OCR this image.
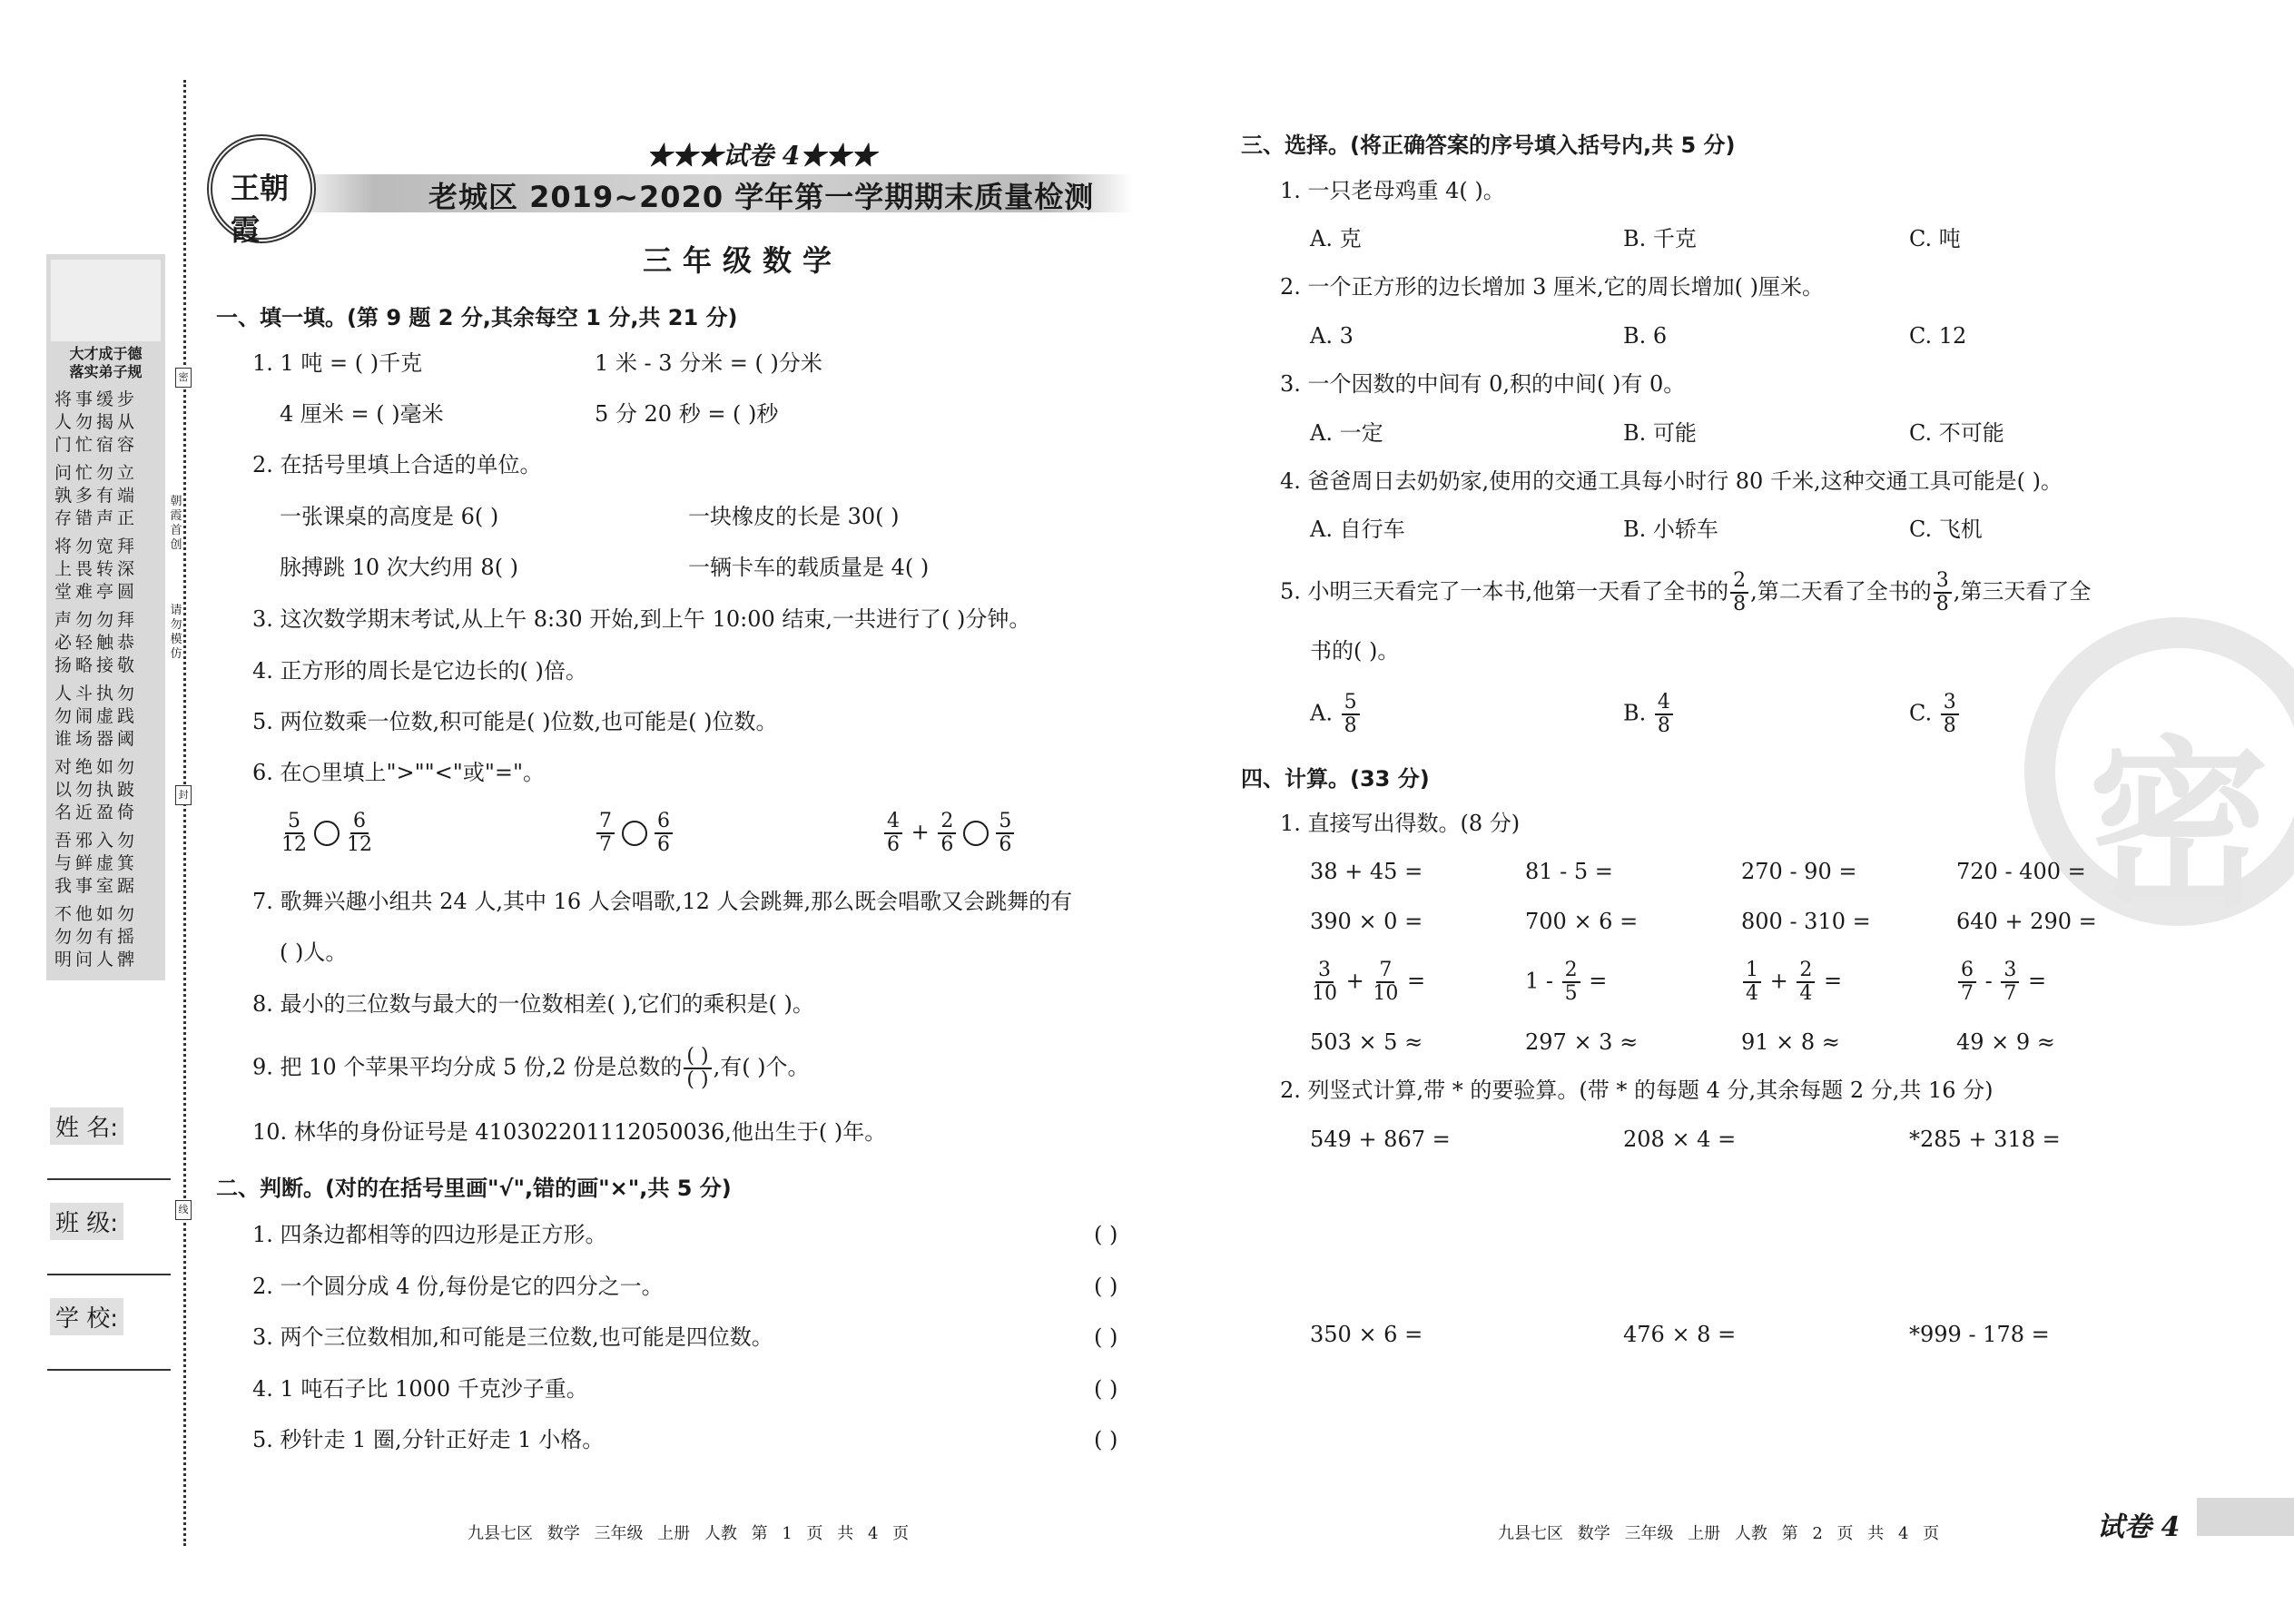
大才成于德
落实弟子规
将事缓步
人勿揭从
门忙宿容
问忙勿立
孰多有端
存错声正
将勿宽拜
上畏转深
堂难亭圆
声勿勿拜
必轻触恭
扬略接敬
人斗执勿
勿闹虚践
谁场器阈
对绝如勿
以勿执跛
名近盈倚
吾邪入勿
与鲜虚箕
我事室踞
不他如勿
勿勿有摇
明问人髀
密
朝
霞
首
创
请
勿
模
仿
封
线
姓 名:
班 级:
学 校:
王朝霞
★★★试卷 4★★★
老城区 2019~2020 学年第一学期期末质量检测
三年级数学
一、填一填。(第 9 题 2 分,其余每空 1 分,共 21 分)
1. 1 吨 = ( )千克	1 米 - 3 分米 = ( )分米
4 厘米 = ( )毫米	5 分 20 秒 = ( )秒
2. 在括号里填上合适的单位。
一张课桌的高度是 6( )	一块橡皮的长是 30( )
脉搏跳 10 次大约用 8( )	一辆卡车的载质量是 4( )
3. 这次数学期末考试,从上午 8:30 开始,到上午 10:00 结束,一共进行了( )分钟。
4. 正方形的周长是它边长的( )倍。
5. 两位数乘一位数,积可能是( )位数,也可能是( )位数。
6. 在○里填上">""<"或"="。
$\frac{5}{12} \frac{6}{12}$	$\frac{7}{7} \frac{6}{6}$	$\frac{4}{6} + \frac{2}{6} \frac{5}{6}$
7. 歌舞兴趣小组共 24 人,其中 16 人会唱歌,12 人会跳舞,那么既会唱歌又会跳舞的有
( )人。
8. 最小的三位数与最大的一位数相差( ),它们的乘积是( )。
9. 把 10 个苹果平均分成 5 份,2 份是总数的 ( )
( ) ,有( )个。
10. 林华的身份证号是 410302201112050036,他出生于( )年。
二、判断。(对的在括号里画"√",错的画"×",共 5 分)
1. 四条边都相等的四边形是正方形。	( )
2. 一个圆分成 4 份,每份是它的四分之一。	( )
3. 两个三位数相加,和可能是三位数,也可能是四位数。	( )
4. 1 吨石子比 1000 千克沙子重。	( )
5. 秒针走 1 圈,分针正好走 1 小格。	( )
三、选择。(将正确答案的序号填入括号内,共 5 分)
1. 一只老母鸡重 4( )。
A. 克	B. 千克	C. 吨
2. 一个正方形的边长增加 3 厘米,它的周长增加( )厘米。
A. 3	B. 6	C. 12
3. 一个因数的中间有 0,积的中间( )有 0。
A. 一定	B. 可能	C. 不可能
4. 爸爸周日去奶奶家,使用的交通工具每小时行 80 千米,这种交通工具可能是( )。
A. 自行车	B. 小轿车	C. 飞机
5. 小明三天看完了一本书,他第一天看了全书的 $\frac{2}{8}$ ,第二天看了全书的 $\frac{3}{8}$ ,第三天看了全
书的( )。
A. $\frac{5}{8}$	B. $\frac{4}{8}$	C. $\frac{3}{8}$
密
四、计算。(33 分)
1. 直接写出得数。(8 分)
38 + 45 =	81 - 5 =	270 - 90 =	720 - 400 =
390 × 0 =	700 × 6 =	800 - 310 =	640 + 290 =
$\frac{3}{10} + \frac{7}{10}$ =	$1 - \frac{2}{5}$ =	$\frac{1}{4} + \frac{2}{4}$ =	$\frac{6}{7} - \frac{3}{7}$ =
503 × 5 ≈	297 × 3 ≈	91 × 8 ≈	49 × 9 ≈
549 + 867 =	208 × 4 =	*285 + 318 =
350 × 6 =	476 × 8 =	*999 - 178 =
2. 列竖式计算,带 * 的要验算。(带 * 的每题 4 分,其余每题 2 分,共 16 分)
九县七区 数学 三年级 上册 人教 第 1 页 共 4 页	九县七区 数学 三年级 上册 人教 第 2 页 共 4 页	试卷 4
